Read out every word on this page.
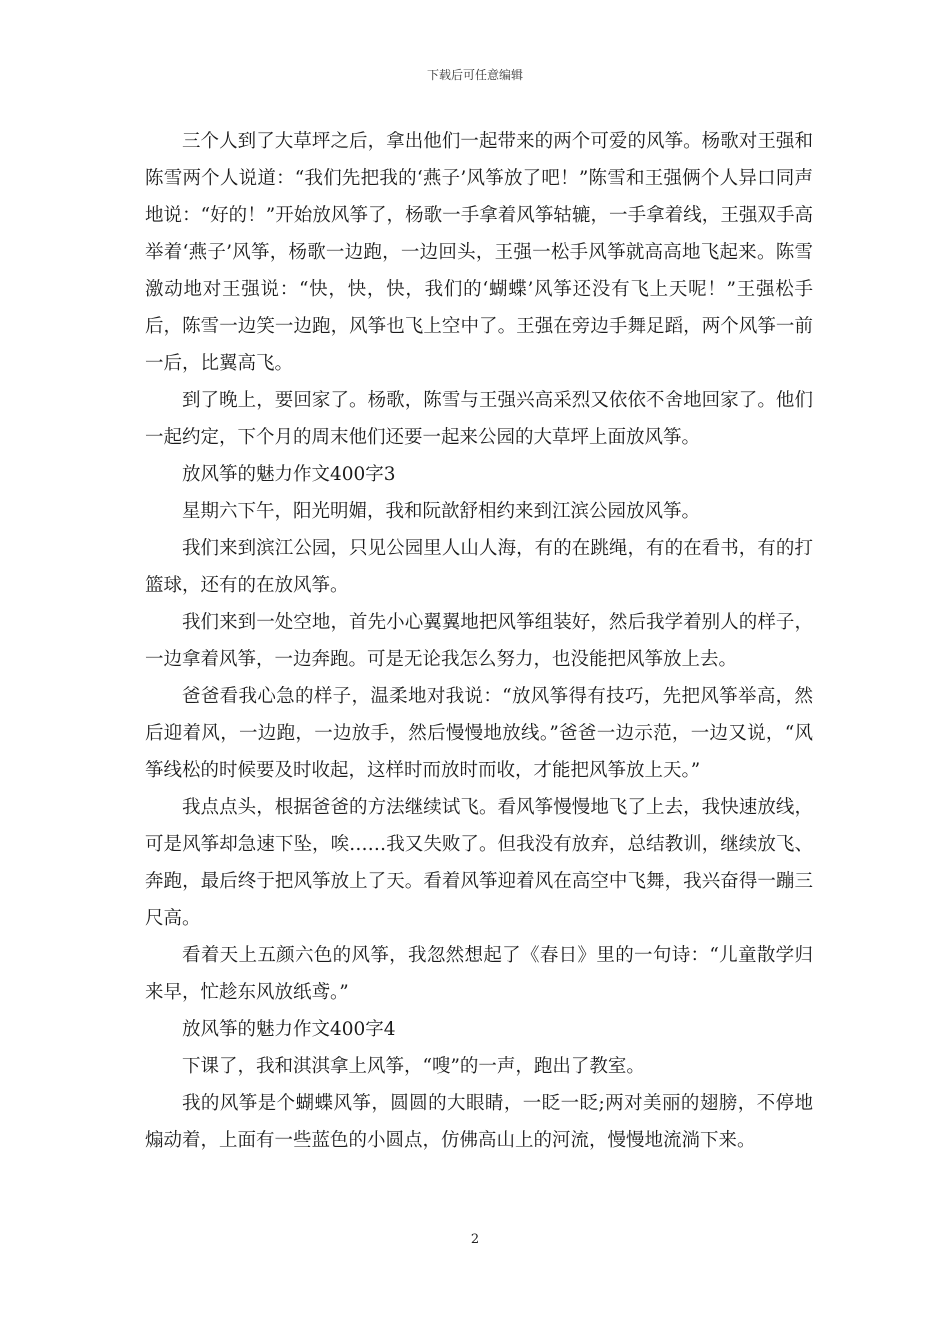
下载后可任意编辑

三个人到了大草坪之后，拿出他们一起带来的两个可爱的风筝。杨歌对王强和陈雪两个人说道：“我们先把我的‘燕子’风筝放了吧！”陈雪和王强俩个人异口同声地说：“好的！”开始放风筝了，杨歌一手拿着风筝轱辘，一手拿着线，王强双手高举着‘燕子’风筝，杨歌一边跑，一边回头，王强一松手风筝就高高地飞起来。陈雪激动地对王强说：“快，快，快，我们的‘蝴蝶’风筝还没有飞上天呢！”王强松手后，陈雪一边笑一边跑，风筝也飞上空中了。王强在旁边手舞足蹈，两个风筝一前一后，比翼高飞。

到了晚上，要回家了。杨歌，陈雪与王强兴高采烈又依依不舍地回家了。他们一起约定，下个月的周末他们还要一起来公园的大草坪上面放风筝。

放风筝的魅力作文400字3

星期六下午，阳光明媚，我和阮歆舒相约来到江滨公园放风筝。

我们来到滨江公园，只见公园里人山人海，有的在跳绳，有的在看书，有的打篮球，还有的在放风筝。

我们来到一处空地，首先小心翼翼地把风筝组装好，然后我学着别人的样子，一边拿着风筝，一边奔跑。可是无论我怎么努力，也没能把风筝放上去。

爸爸看我心急的样子，温柔地对我说：“放风筝得有技巧，先把风筝举高，然后迎着风，一边跑，一边放手，然后慢慢地放线。”爸爸一边示范，一边又说，“风筝线松的时候要及时收起，这样时而放时而收，才能把风筝放上天。”

我点点头，根据爸爸的方法继续试飞。看风筝慢慢地飞了上去，我快速放线，可是风筝却急速下坠，唉……我又失败了。但我没有放弃，总结教训，继续放飞、奔跑，最后终于把风筝放上了天。看着风筝迎着风在高空中飞舞，我兴奋得一蹦三尺高。

看着天上五颜六色的风筝，我忽然想起了《春日》里的一句诗：“儿童散学归来早，忙趁东风放纸鸢。”

放风筝的魅力作文400字4

下课了，我和淇淇拿上风筝，“嗖”的一声，跑出了教室。

我的风筝是个蝴蝶风筝，圆圆的大眼睛，一眨一眨;两对美丽的翅膀，不停地煽动着，上面有一些蓝色的小圆点，仿佛高山上的河流，慢慢地流淌下来。

2
